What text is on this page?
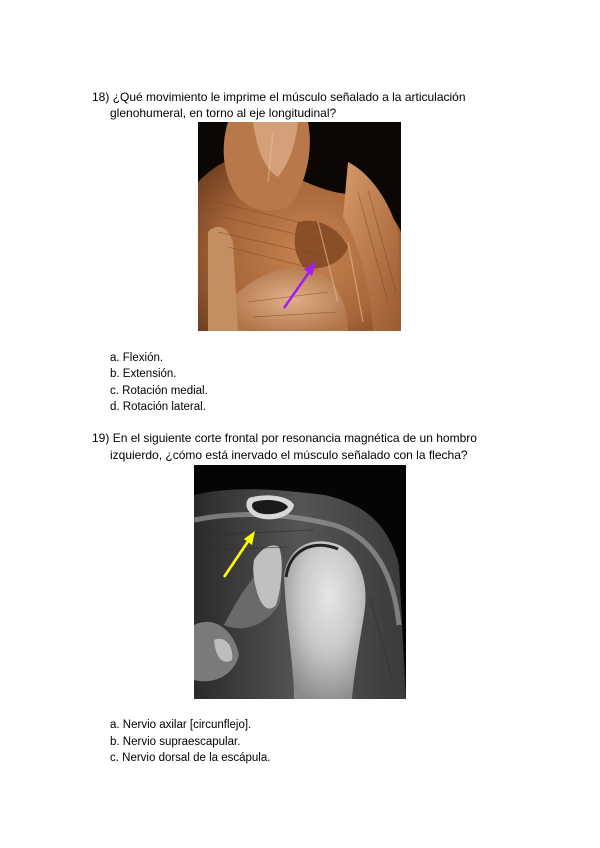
18) ¿Qué movimiento le imprime el músculo señalado a la articulación
glenohumeral, en torno al eje longitudinal?
a. Flexión.
b. Extensión.
c. Rotación medial.
d. Rotación lateral.
19) En el siguiente corte frontal por resonancia magnética de un hombro
izquierdo, ¿cómo está inervado el músculo señalado con la flecha?
a. Nervio axilar [circunflejo].
b. Nervio supraescapular.
c. Nervio dorsal de la escápula.
